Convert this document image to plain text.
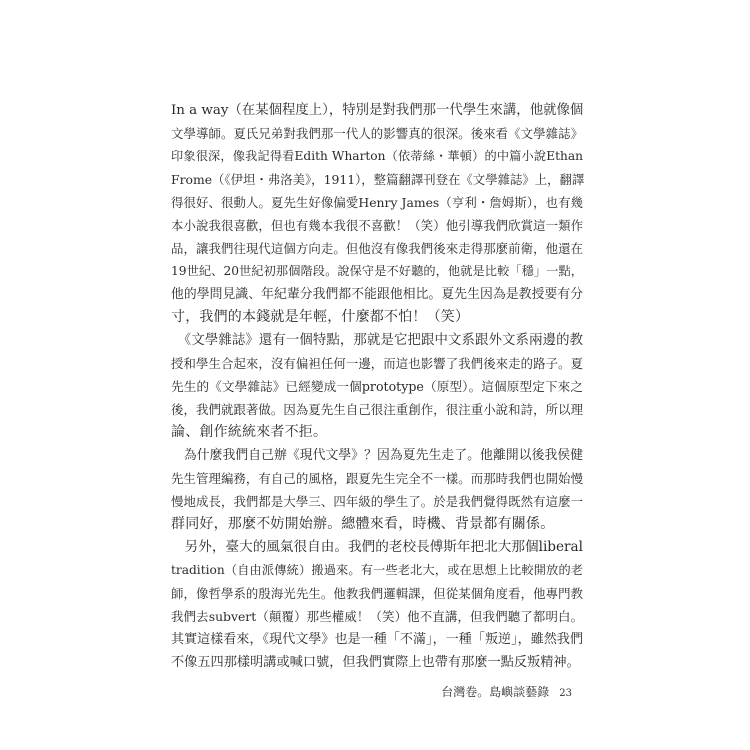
In a way（在某個程度上），特別是對我們那一代學生來講，他就像個
文學導師。夏氏兄弟對我們那一代人的影響真的很深。後來看《文學雜誌》
印象很深，像我記得看Edith Wharton（依蒂絲・華頓）的中篇小說Ethan
Frome（《伊坦・弗洛美》，1911），整篇翻譯刊登在《文學雜誌》上，翻譯
得很好、很動人。夏先生好像偏愛Henry James（亨利・詹姆斯），也有幾
本小說我很喜歡，但也有幾本我很不喜歡！（笑）他引導我們欣賞這一類作
品，讓我們往現代這個方向走。但他沒有像我們後來走得那麼前衛，他還在
19世紀、20世紀初那個階段。說保守是不好聽的，他就是比較「穩」一點，
他的學問見識、年紀輩分我們都不能跟他相比。夏先生因為是教授要有分
寸，我們的本錢就是年輕，什麼都不怕！（笑）
　《文學雜誌》還有一個特點，那就是它把跟中文系跟外文系兩邊的教
授和學生合起來，沒有偏袒任何一邊，而這也影響了我們後來走的路子。夏
先生的《文學雜誌》已經變成一個prototype（原型）。這個原型定下來之
後，我們就跟著做。因為夏先生自己很注重創作，很注重小說和詩，所以理
論、創作統統來者不拒。
　為什麼我們自己辦《現代文學》？因為夏先生走了。他離開以後我侯健
先生管理編務，有自己的風格，跟夏先生完全不一樣。而那時我們也開始慢
慢地成長，我們都是大學三、四年級的學生了。於是我們覺得既然有這麼一
群同好，那麼不妨開始辦。總體來看，時機、背景都有關係。
　另外，臺大的風氣很自由。我們的老校長傅斯年把北大那個liberal
tradition（自由派傳統）搬過來。有一些老北大，或在思想上比較開放的老
師，像哲學系的殷海光先生。他教我們邏輯課，但從某個角度看，他專門教
我們去subvert（顛覆）那些權威！（笑）他不直講，但我們聽了都明白。
其實這樣看來，《現代文學》也是一種「不滿」，一種「叛逆」，雖然我們
不像五四那樣明講或喊口號，但我們實際上也帶有那麼一點反叛精神。
台灣卷。島嶼談藝錄 23
